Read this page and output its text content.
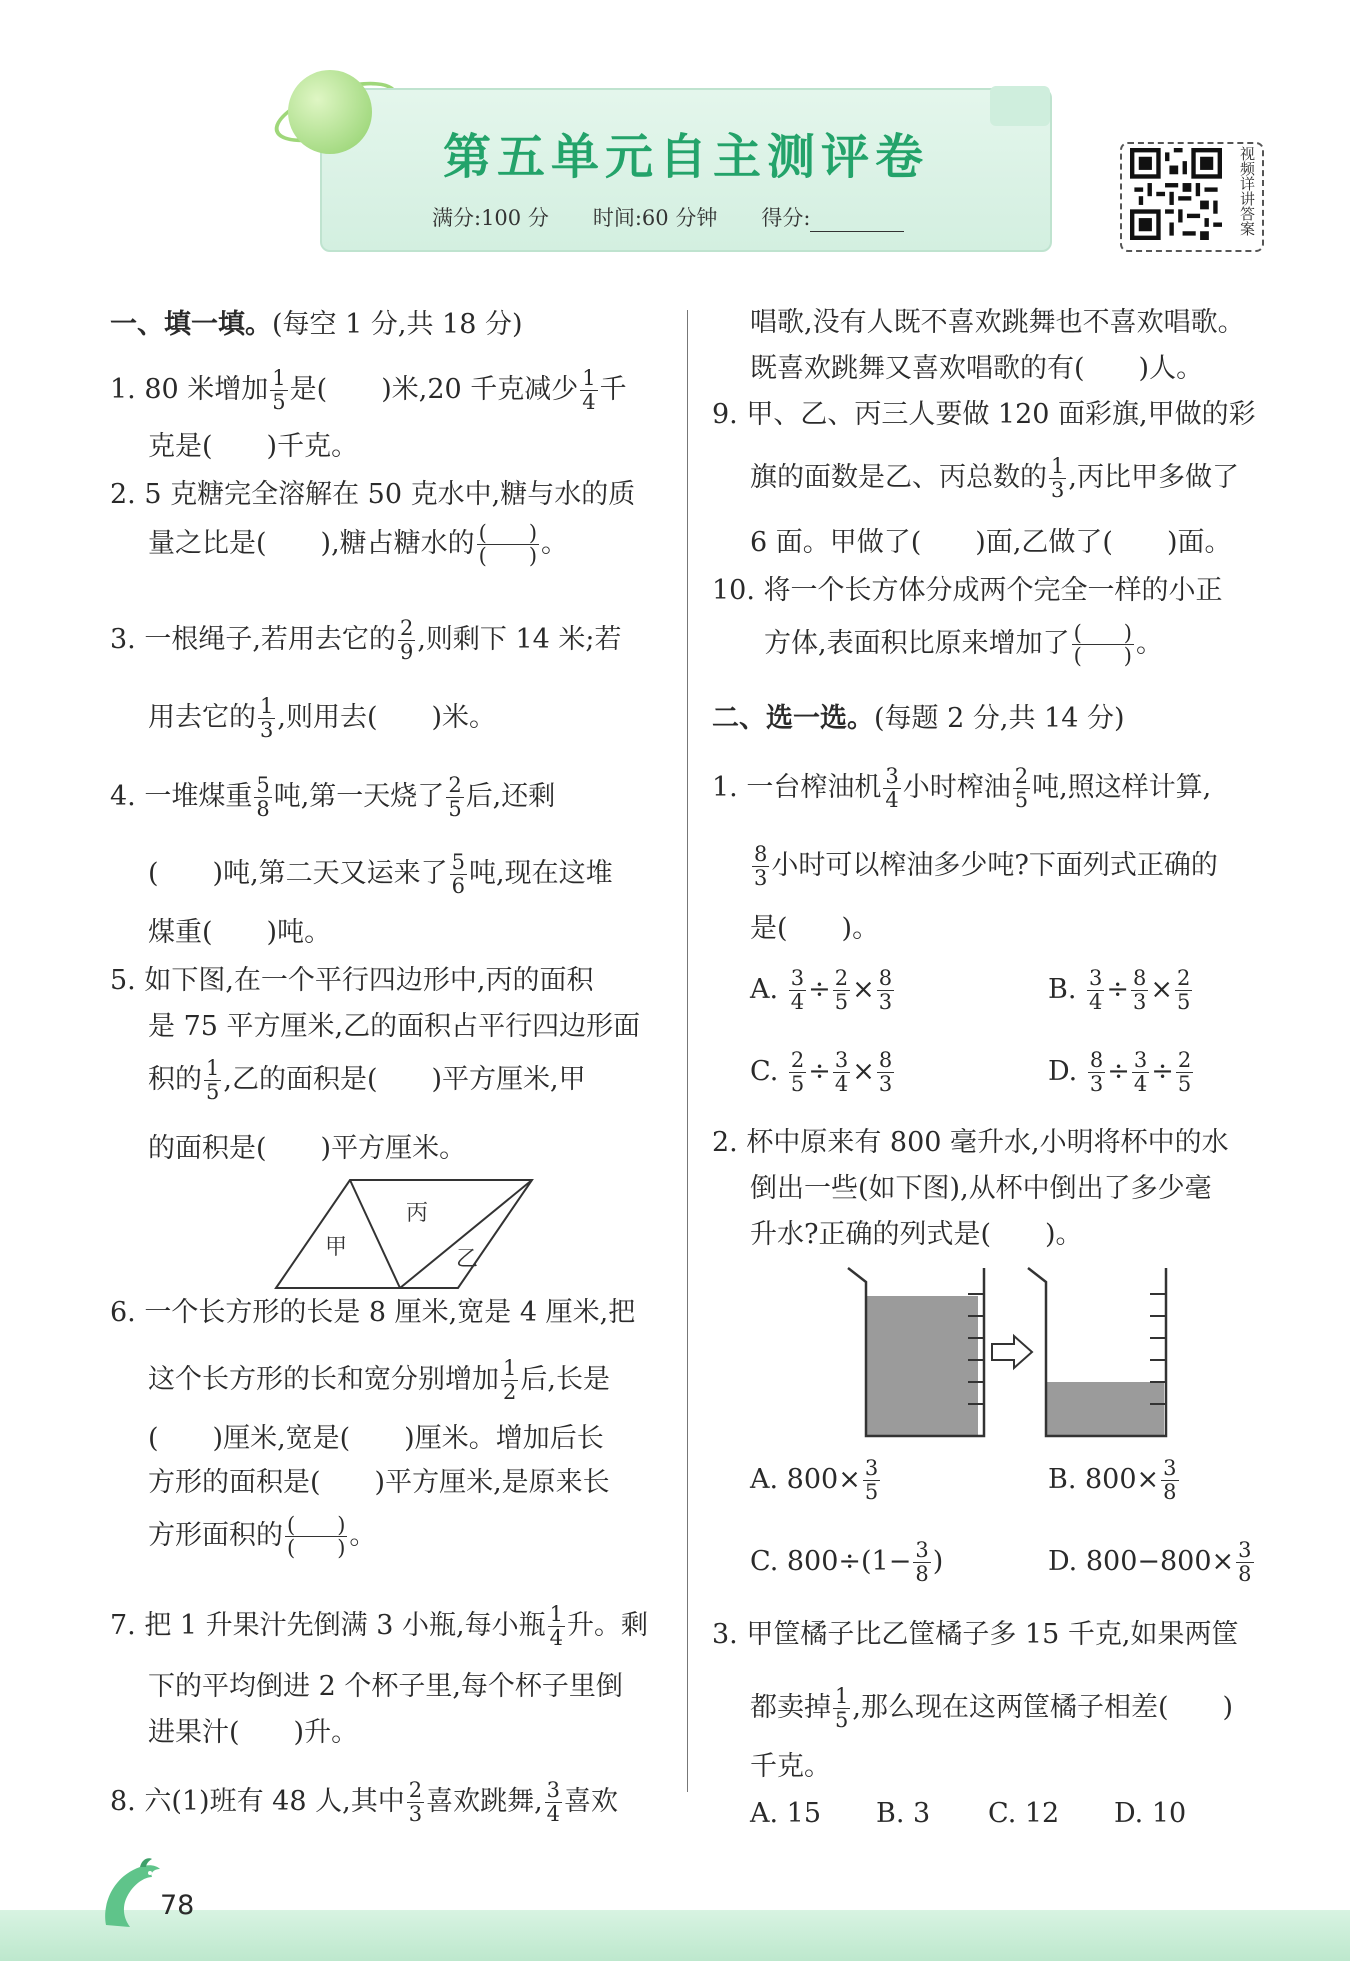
第五单元自主测评卷
满分:100 分 时间:60 分钟 得分:	视频详讲答案
一、填一填。(每空 1 分,共 18 分)
1. 80 米增加 $\frac{1}{5}$ 是(　　)米,20 千克减少 $\frac{1}{4}$ 千
克是(　　)千克。
2. 5 克糖完全溶解在 50 克水中,糖与水的质
量之比是(　　),糖占糖水的 (　　)
(　　) 。
3. 一根绳子,若用去它的 $\frac{2}{9}$ ,则剩下 14 米;若
用去它的 $\frac{1}{3}$ ,则用去(　　)米。
4. 一堆煤重 $\frac{5}{8}$ 吨,第一天烧了 $\frac{2}{5}$ 后,还剩
(　　)吨,第二天又运来了 $\frac{5}{6}$ 吨,现在这堆
煤重(　　)吨。
5. 如下图,在一个平行四边形中,丙的面积
是 75 平方厘米,乙的面积占平行四边形面
积的 $\frac{1}{5}$ ,乙的面积是(　　)平方厘米,甲
的面积是(　　)平方厘米。
甲
丙
乙
6. 一个长方形的长是 8 厘米,宽是 4 厘米,把
这个长方形的长和宽分别增加 $\frac{1}{2}$ 后,长是
(　　)厘米,宽是(　　)厘米。增加后长
方形的面积是(　　)平方厘米,是原来长
方形面积的 (　　)
(　　) 。
7. 把 1 升果汁先倒满 3 小瓶,每小瓶 $\frac{1}{4}$ 升。剩
下的平均倒进 2 个杯子里,每个杯子里倒
进果汁(　　)升。
8. 六(1)班有 48 人,其中 $\frac{2}{3}$ 喜欢跳舞, $\frac{3}{4}$ 喜欢
唱歌,没有人既不喜欢跳舞也不喜欢唱歌。
既喜欢跳舞又喜欢唱歌的有(　　)人。
9. 甲、乙、丙三人要做 120 面彩旗,甲做的彩
旗的面数是乙、丙总数的 $\frac{1}{3}$ ,丙比甲多做了
6 面。甲做了(　　)面,乙做了(　　)面。
10. 将一个长方体分成两个完全一样的小正
方体,表面积比原来增加了 (　　)
(　　) 。
二、选一选。(每题 2 分,共 14 分)
1. 一台榨油机 $\frac{3}{4}$ 小时榨油 $\frac{2}{5}$ 吨,照这样计算,
$\frac{8}{3}$ 小时可以榨油多少吨?下面列式正确的
是(　　)。
A. $\frac{3}{4} \div \frac{2}{5} \times \frac{8}{3}$	B. $\frac{3}{4} \div \frac{8}{3} \times \frac{2}{5}$
C. $\frac{2}{5} \div \frac{3}{4} \times \frac{8}{3}$	D. $\frac{8}{3} \div \frac{3}{4} \div \frac{2}{5}$
2. 杯中原来有 800 毫升水,小明将杯中的水
倒出一些(如下图),从杯中倒出了多少毫
升水?正确的列式是(　　)。
A. $800\times \frac{3}{5}$	B. $800\times \frac{3}{8}$
C. $800\div(1- \frac{3}{8}$ )	D. $800-800\times \frac{3}{8}$
3. 甲筐橘子比乙筐橘子多 15 千克,如果两筐
都卖掉 $\frac{1}{5}$ ,那么现在这两筐橘子相差(　　)
千克。
A. 15 B. 3 C. 12 D. 10
78
